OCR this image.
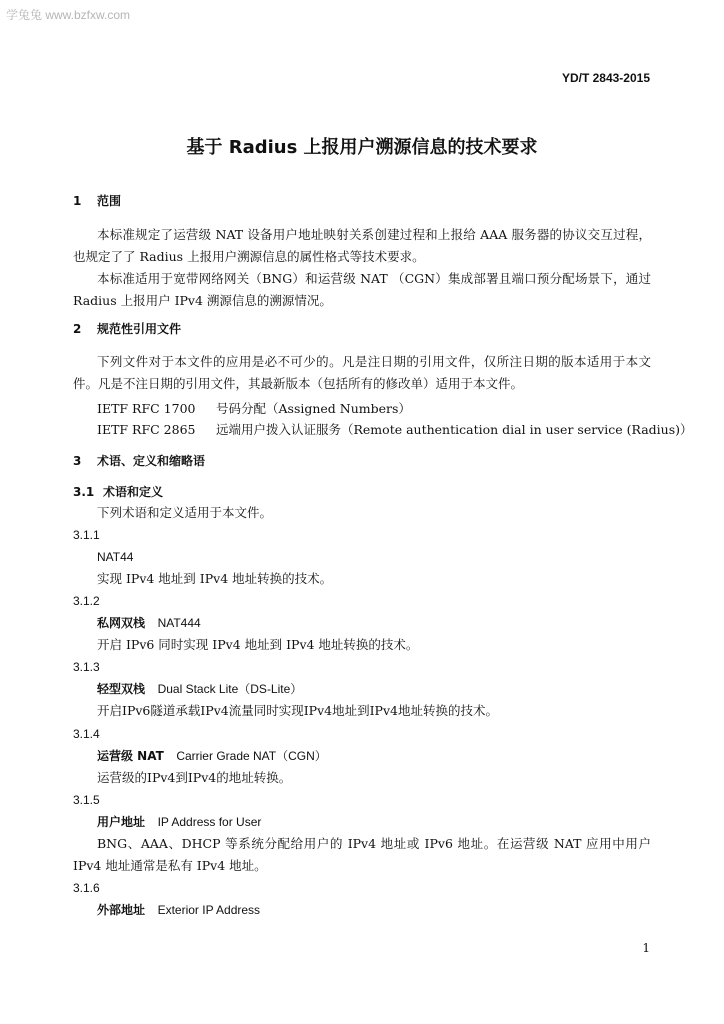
学兔兔 www.bzfxw.com
YD/T 2843-2015
基于 Radius 上报用户溯源信息的技术要求
1 范围

本标准规定了运营级 NAT 设备用户地址映射关系创建过程和上报给 AAA 服务器的协议交互过程，也规定了了 Radius 上报用户溯源信息的属性格式等技术要求。

本标准适用于宽带网络网关（BNG）和运营级 NAT （CGN）集成部署且端口预分配场景下，通过 Radius 上报用户 IPv4 溯源信息的溯源情况。

2 规范性引用文件

下列文件对于本文件的应用是必不可少的。凡是注日期的引用文件，仅所注日期的版本适用于本文件。凡是不注日期的引用文件，其最新版本（包括所有的修改单）适用于本文件。

IETF RFC 1700 号码分配（Assigned Numbers）
IETF RFC 2865 远端用户拨入认证服务（Remote authentication dial in user service (Radius)）
3 术语、定义和缩略语
3.1 术语和定义
下列术语和定义适用于本文件。
3.1.1
NAT44
实现 IPv4 地址到 IPv4 地址转换的技术。
3.1.2
私网双栈 NAT444
开启 IPv6 同时实现 IPv4 地址到 IPv4 地址转换的技术。
3.1.3
轻型双栈 Dual Stack Lite（DS-Lite）
开启IPv6隧道承载IPv4流量同时实现IPv4地址到IPv4地址转换的技术。
3.1.4
运营级 NAT Carrier Grade NAT（CGN）
运营级的IPv4到IPv4的地址转换。
3.1.5
用户地址 IP Address for User

BNG、AAA、DHCP 等系统分配给用户的 IPv4 地址或 IPv6 地址。在运营级 NAT 应用中用户 IPv4 地址通常是私有 IPv4 地址。

3.1.6
外部地址 Exterior IP Address
1
